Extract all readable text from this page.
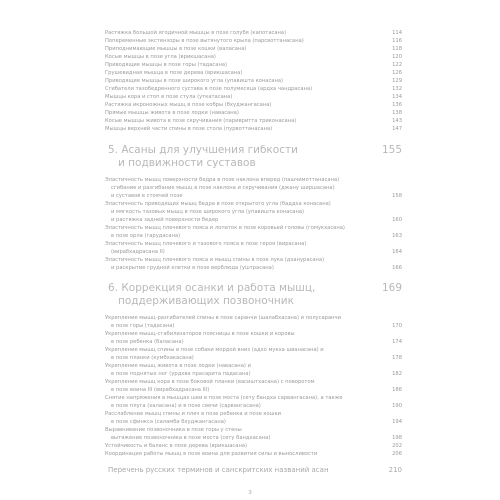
Растяжка большой ягодичной мышцы в позе голубя (капотасана)	114
Попеременные экстензоры в позе вытянутого крыла (парсвоттанасана)	116
Приподнимающие мышцы в позе кошки (валасана)	118
Косые мышцы в позе угла (врикшасана)	120
Приводящие мышцы в позе горы (тадасана)	122
Грушевидная мышца в позе дерева (врикшасана)	126
Приводящие мышцы в позе широкого угла (упавишта конасана)	129
Сгибатели тазобедренного сустава в позе полумесяца (ардха чандрасана)	132
Мышцы кора и стоп в позе стула (уткатасана)	134
Растяжка икроножных мышц в позе кобры (бхуджангасана)	136
Прямые мышцы живота в позе лодки (навасана)	138
Косые мышцы живота в позе скручивания (паривритта триконасана)	143
Мышцы верхней части спины в позе стола (пурвоттанасана)	147
5. Асаны для улучшения гибкости	155
и подвижности суставов
Эластичность мышц поверхности бедра в позе наклона вперед (пашчимоттанасана)
сгибание и разгибание мышц в позе наклона и скручивания (джану ширшасана)
и суставов в стоячей позе	158
Эластичность приводящих мышц бедра в позе открытого угла (баддха конасана)
и мягкость тазовых мышц в позе широкого угла (упавишта конасана)
и растяжка задней поверхности бедер	160
Эластичность мышц плечевого пояса и лопаток в позе коровьей головы (гомукхасана)
в позе орла (гарудасана)	163
Эластичность мышц плечевого и тазового пояса в позе героя (вирасана)
(вирабхадрасана II)	164
Эластичность мышц плечевого пояса и мышц спины в позе лука (дханурасана)
и раскрытие грудной клетки в позе верблюда (уштрасана)	166
6. Коррекция осанки и работа мышц,	169
поддерживающих позвоночник
Укрепление мышц-разгибателей спины в позе саранчи (шалабхасана) и полусаранчи
в позе горы (тадасана)	170
Укрепление мышц-стабилизаторов поясницы в позе кошки и коровы
в позе ребенка (баласана)	174
Укрепление мышц спины в позе собаки мордой вниз (адхо мукха шванасана) и
в позе планки (кумбхакасана)	178
Укрепление мышц живота в позе лодки (навасана) и
в позе поднятых ног (урдхва прасарита падасана)	182
Укрепление мышц кора в позе боковой планки (васиштхасана) с поворотом
в позе воина III (вирабхадрасана III)	186
Снятие напряжения в мышцах шеи в позе моста (сету бандха сарвангасана), а также
в позе плуга (халасана) и в позе свечи (сарвангасана)	190
Расслабление мышц спины и плеч в позе ребенка и позе кошки
в позе сфинкса (саламба бхуджангасана)	194
Выравнивание позвоночника в позе горы у стены
вытяжение позвоночника в позе моста (сету бандхасана)	198
Устойчивость и баланс в позе дерева (врикшасана)	202
Координация работы мышц в позе воина для развития силы и выносливости	206
Перечень русских терминов и санскритских названий асан	210
3
